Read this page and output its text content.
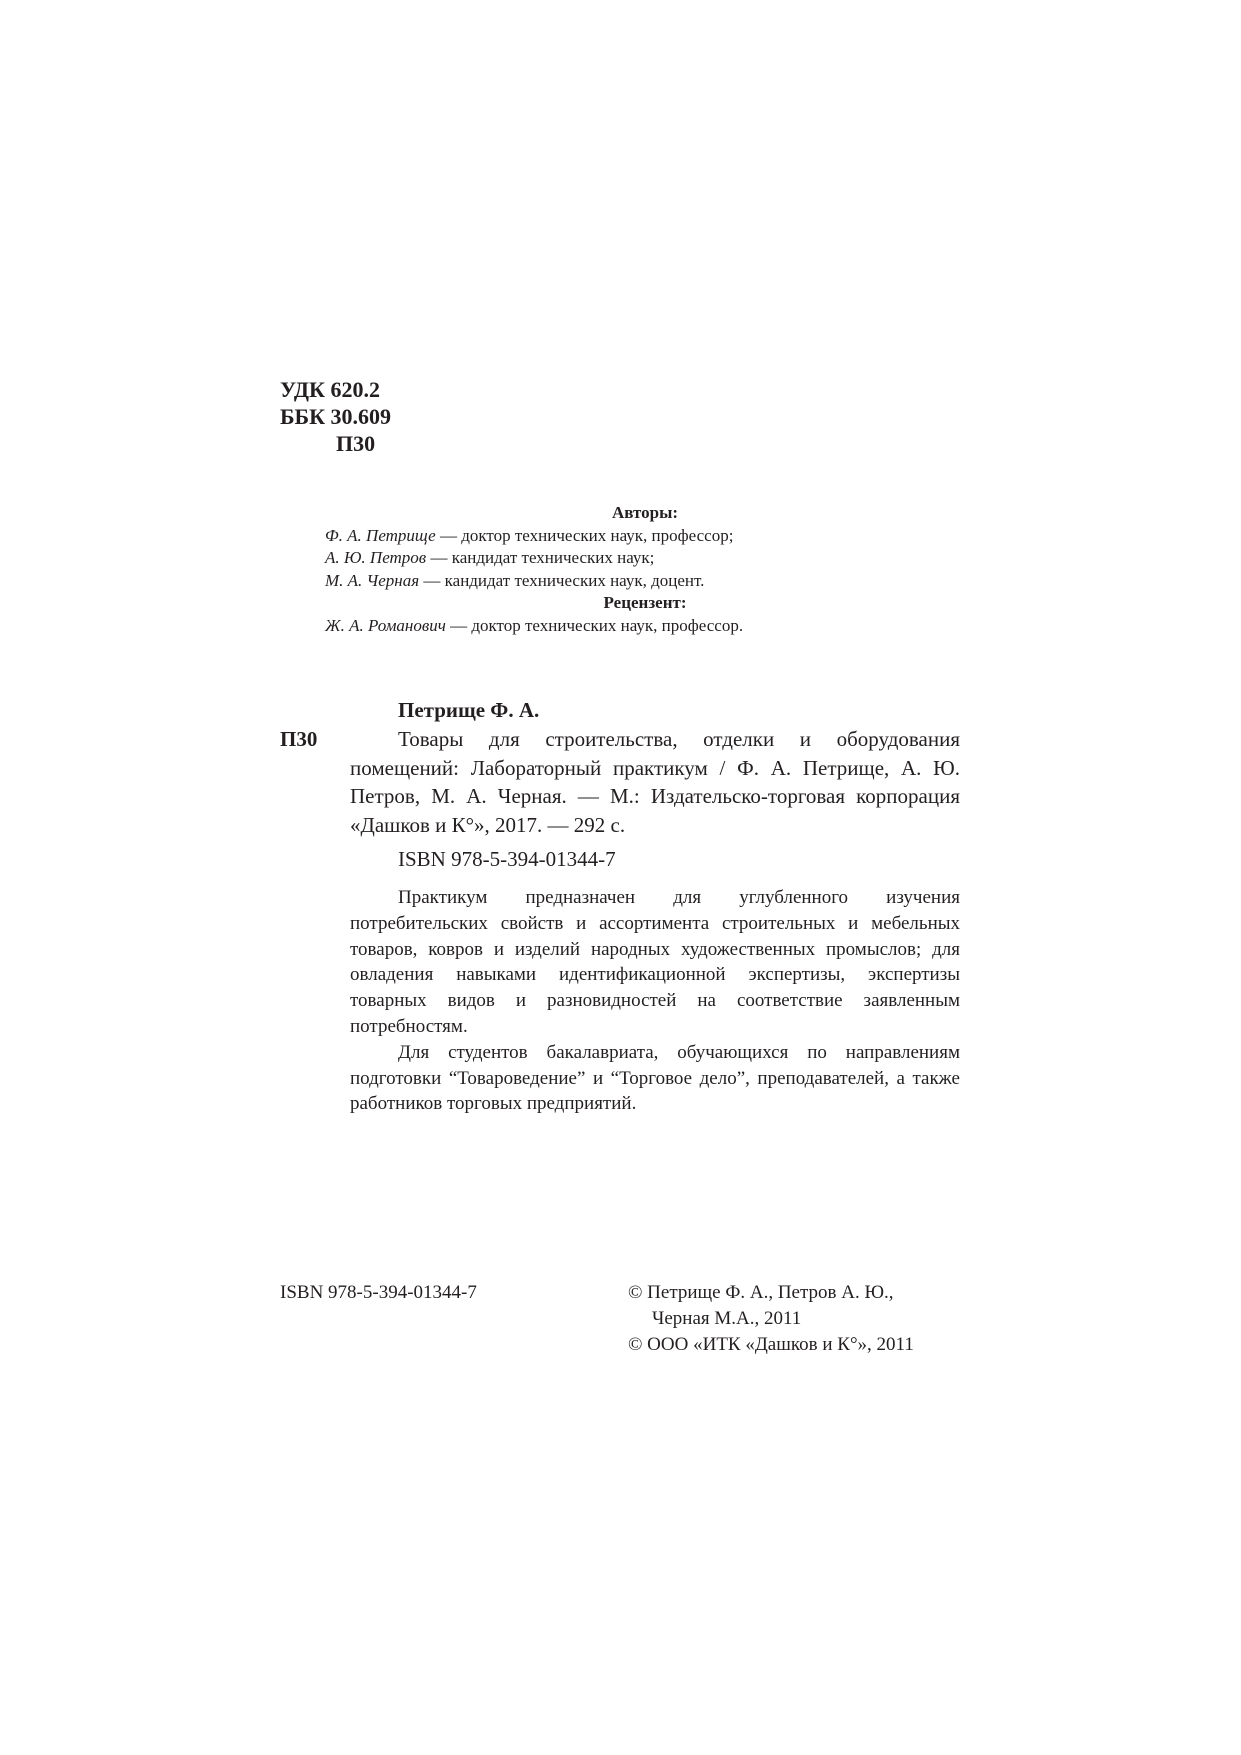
УДК 620.2
ББК 30.609
П30
Авторы:
Ф. А. Петрище — доктор технических наук, профессор;
А. Ю. Петров — кандидат технических наук;
М. А. Черная — кандидат технических наук, доцент.
Рецензент:
Ж. А. Романович — доктор технических наук, профессор.
Петрище Ф. А.
П30	Товары для строительства, отделки и оборудования помещений: Лабораторный практикум / Ф. А. Петрище, А. Ю. Петров, М. А. Черная. — М.: Издательско-торговая корпорация «Дашков и К°», 2017. — 292 с.

ISBN 978-5-394-01344-7

Практикум предназначен для углубленного изучения потребительских свойств и ассортимента строительных и мебельных товаров, ковров и изделий народных художественных промыслов; для овладения навыками идентификационной экспертизы, экспертизы товарных видов и разновидностей на соответствие заявленным потребностям.

Для студентов бакалавриата, обучающихся по направлениям подготовки “Товароведение” и “Торговое дело”, преподавателей, а также работников торговых предприятий.

ISBN 978-5-394-01344-7	© Петрище Ф. А., Петров А. Ю.,
Черная М.А., 2011
© ООО «ИТК «Дашков и К°», 2011
